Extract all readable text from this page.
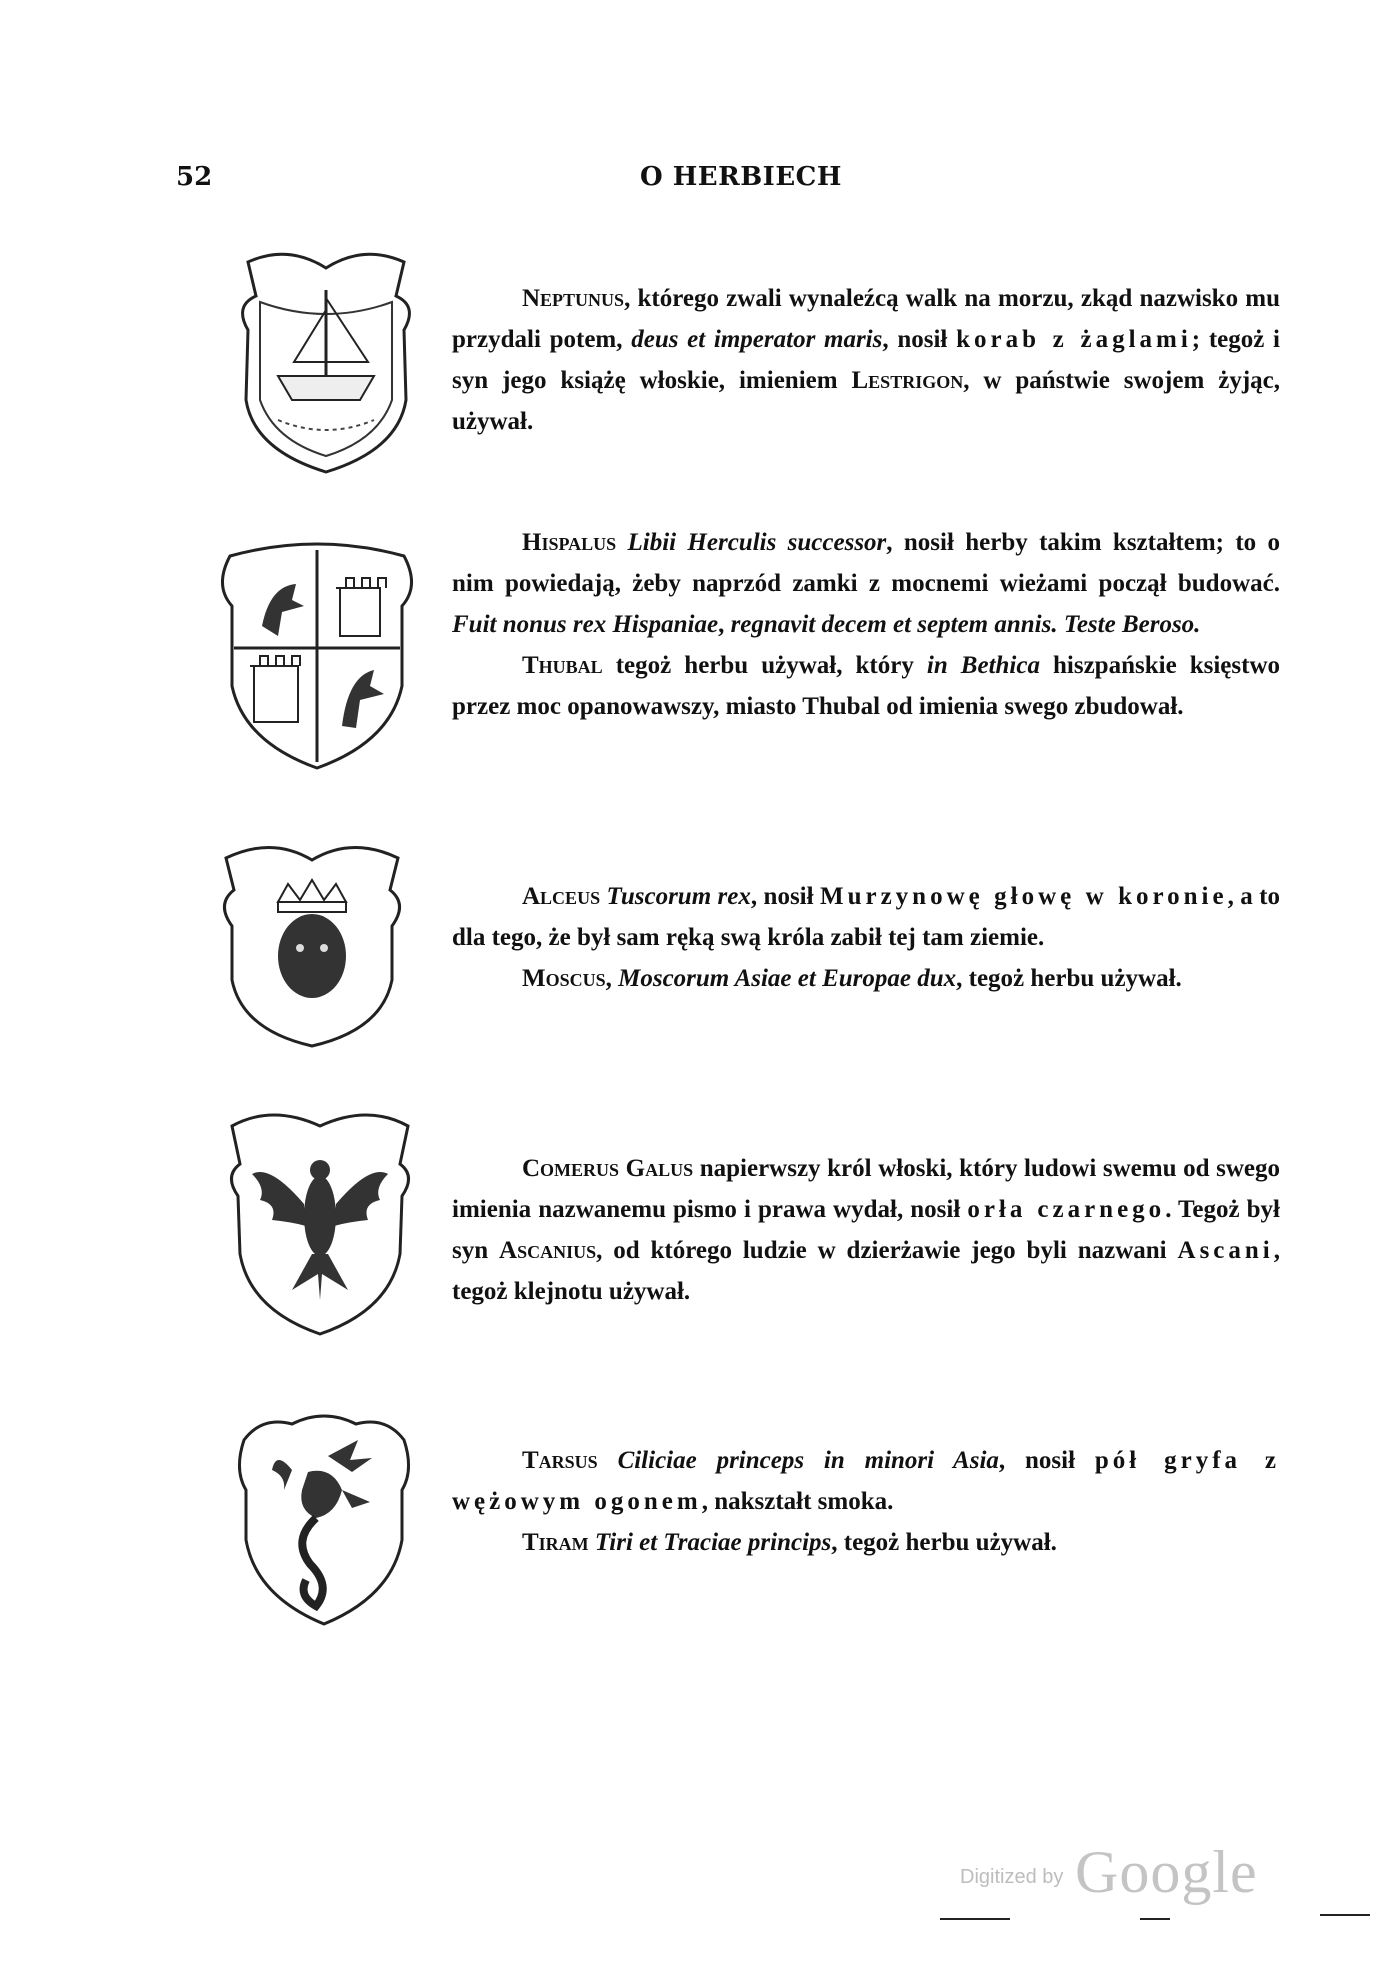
52	O HERBIECH

Neptunus, którego zwali wynaleźcą walk na morzu, zkąd nazwisko mu przydali potem, deus et imperator maris, nosił korab z żaglami; tegoż i syn jego książę włoskie, imieniem Lestrigon, w państwie swojem żyjąc, używał.

Hispalus Libii Herculis successor, nosił herby takim kształtem; to o nim powiedają, żeby naprzód zamki z mocnemi wieżami począł budować. Fuit nonus rex Hispaniae, regnavit decem et septem annis. Teste Beroso.

Thubal tegoż herbu używał, który in Bethica hiszpańskie księstwo przez moc opanowawszy, miasto Thubal od imienia swego zbudował.

Alceus Tuscorum rex, nosił Murzynowę głowę w koronie, a to dla tego, że był sam ręką swą króla zabił tej tam ziemie.

Moscus, Moscorum Asiae et Europae dux, tegoż herbu używał.

Comerus Galus napierwszy król włoski, który ludowi swemu od swego imienia nazwanemu pismo i prawa wydał, nosił orła czarnego. Tegoż był syn Ascanius, od którego ludzie w dzierżawie jego byli nazwani Ascani, tegoż klejnotu używał.

Tarsus Ciliciae princeps in minori Asia, nosił pół gryfa z wężowym ogonem, nakształt smoka.

Tiram Tiri et Traciae princips, tegoż herbu używał.

Digitized by Google
